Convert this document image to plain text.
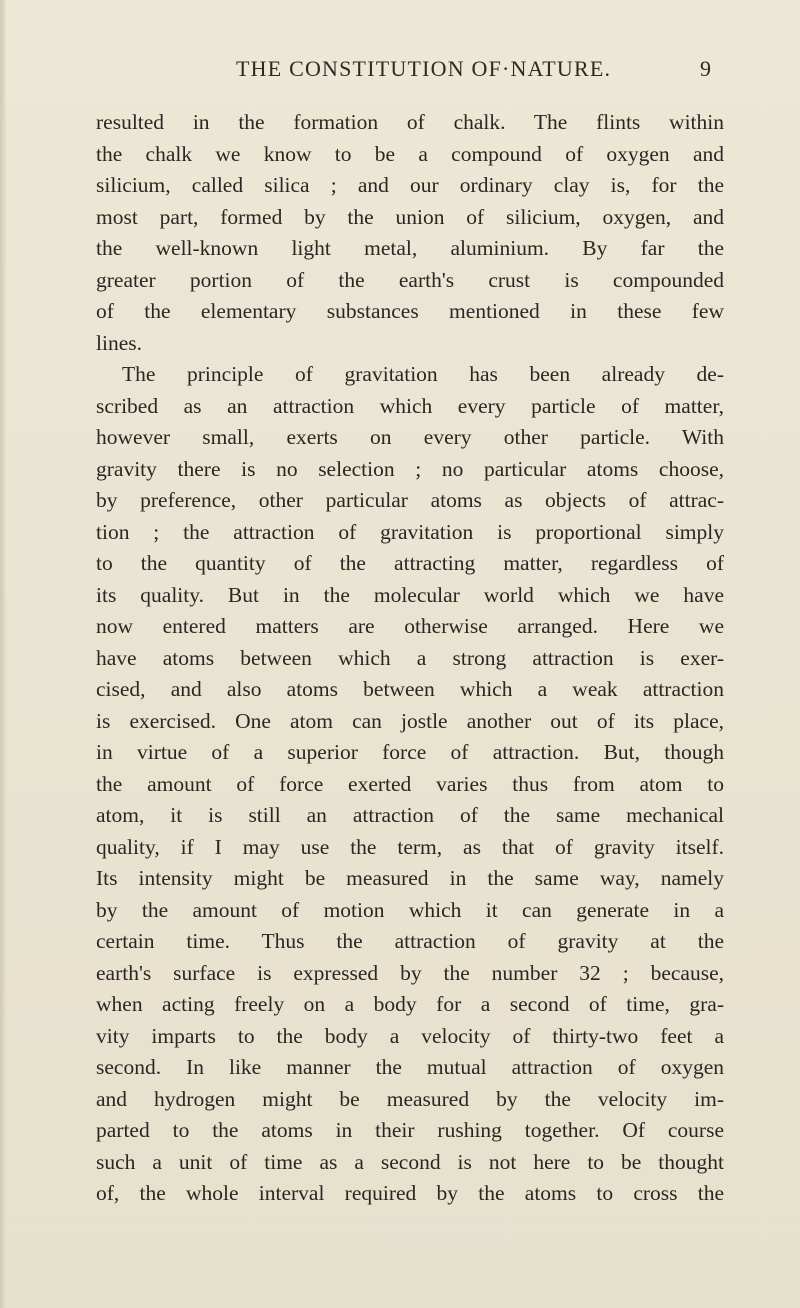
THE CONSTITUTION OF·NATURE.	9
resulted in the formation of chalk. The flints within
the chalk we know to be a compound of oxygen and
silicium, called silica ; and our ordinary clay is, for the
most part, formed by the union of silicium, oxygen, and
the well-known light metal, aluminium. By far the
greater portion of the earth's crust is compounded
of the elementary substances mentioned in these few
lines.
The principle of gravitation has been already de-
scribed as an attraction which every particle of matter,
however small, exerts on every other particle. With
gravity there is no selection ; no particular atoms choose,
by preference, other particular atoms as objects of attrac-
tion ; the attraction of gravitation is proportional simply
to the quantity of the attracting matter, regardless of
its quality. But in the molecular world which we have
now entered matters are otherwise arranged. Here we
have atoms between which a strong attraction is exer-
cised, and also atoms between which a weak attraction
is exercised. One atom can jostle another out of its place,
in virtue of a superior force of attraction. But, though
the amount of force exerted varies thus from atom to
atom, it is still an attraction of the same mechanical
quality, if I may use the term, as that of gravity itself.
Its intensity might be measured in the same way, namely
by the amount of motion which it can generate in a
certain time. Thus the attraction of gravity at the
earth's surface is expressed by the number 32 ; because,
when acting freely on a body for a second of time, gra-
vity imparts to the body a velocity of thirty-two feet a
second. In like manner the mutual attraction of oxygen
and hydrogen might be measured by the velocity im-
parted to the atoms in their rushing together. Of course
such a unit of time as a second is not here to be thought
of, the whole interval required by the atoms to cross the
